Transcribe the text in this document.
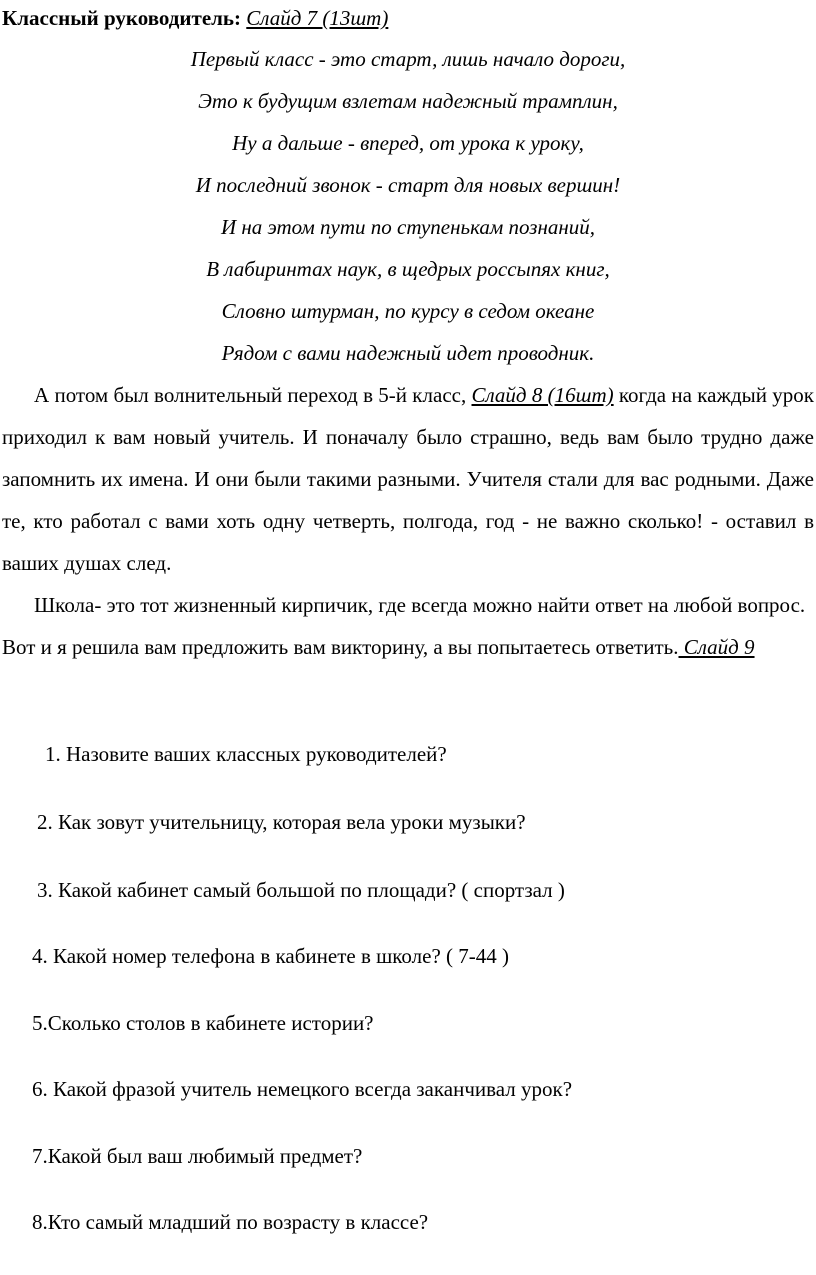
Классный руководитель: Слайд 7 (13шт)
Первый класс - это старт, лишь начало дороги,
Это к будущим взлетам надежный трамплин,
Ну а дальше - вперед, от урока к уроку,
И последний звонок - старт для новых вершин!
И на этом пути по ступенькам познаний,
В лабиринтах наук, в щедрых россыпях книг,
Словно штурман, по курсу в седом океане
Рядом с вами надежный идет проводник.

А потом был волнительный переход в 5-й класс, Слайд 8 (16шт) когда на каждый урок приходил к вам новый учитель. И поначалу было страшно, ведь вам было трудно даже запомнить их имена. И они были такими разными. Учителя стали для вас родными. Даже те, кто работал с вами хоть одну четверть, полгода, год - не важно сколько! - оставил в ваших душах след.

Школа- это тот жизненный кирпичик, где всегда можно найти ответ на любой вопрос. Вот и я решила вам предложить вам викторину, а вы попытаетесь ответить. Слайд 9

1. Назовите ваших классных руководителей?
2. Как зовут учительницу, которая вела уроки музыки?
3. Какой кабинет самый большой по площади? ( спортзал )
4. Какой номер телефона в кабинете в школе? ( 7-44 )
5.Сколько столов в кабинете истории?
6. Какой фразой учитель немецкого всегда заканчивал урок?
7.Какой был ваш любимый предмет?
8.Кто самый младший по возрасту в классе?
